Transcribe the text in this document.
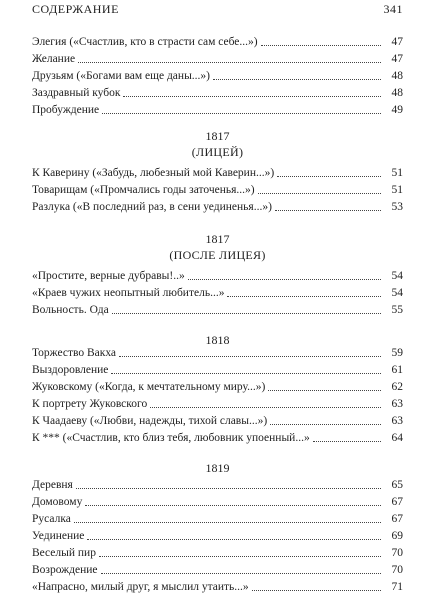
СОДЕРЖАНИЕ	341
Элегия («Счастлив, кто в страсти сам себе...»)	47
Желание	47
Друзьям («Богами вам еще даны...»)	48
Заздравный кубок	48
Пробуждение	49
1817
(ЛИЦЕЙ)
К Каверину («Забудь, любезный мой Каверин...»)	51
Товарищам («Промчались годы заточенья...»)	51
Разлука («В последний раз, в сени уединенья...»)	53
1817
(ПОСЛЕ ЛИЦЕЯ)
«Простите, верные дубравы!..»	54
«Краев чужих неопытный любитель...»	54
Вольность. Ода	55
1818
Торжество Вакха	59
Выздоровление	61
Жуковскому («Когда, к мечтательному миру...»)	62
К портрету Жуковского	63
К Чаадаеву («Любви, надежды, тихой славы...»)	63
К *** («Счастлив, кто близ тебя, любовник упоенный...»	64
1819
Деревня	65
Домовому	67
Русалка	67
Уединение	69
Веселый пир	70
Возрождение	70
«Напрасно, милый друг, я мыслил утаить...»	71
